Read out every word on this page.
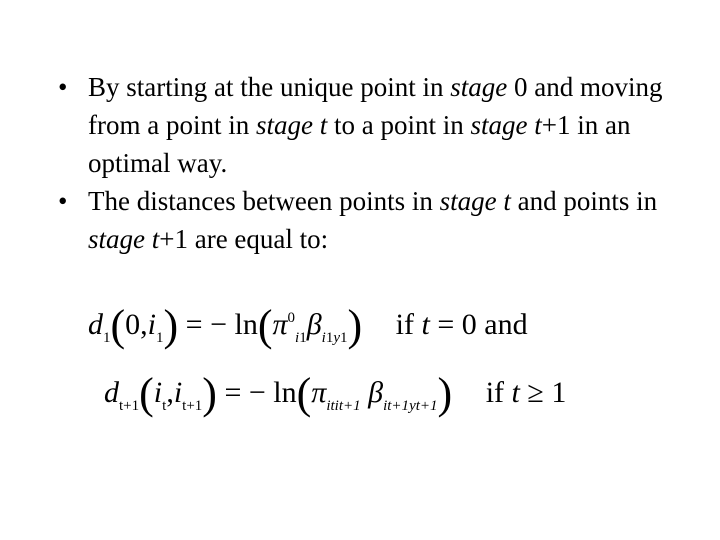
• By starting at the unique point in stage 0 and moving from a point in stage t to a point in stage t+1 in an optimal way.
• The distances between points in stage t and points in stage t+1 are equal to:
$d_1(0,i_1)$ = − $\ln(\pi^0_{i1}\beta_{i1y1})$ if t = 0 and
$d_{t+1}(i_t,i_{t+1})$ = − $\ln(\pi_{itit+1}$ $\beta_{it+1yt+1}$) if t ≥ 1
